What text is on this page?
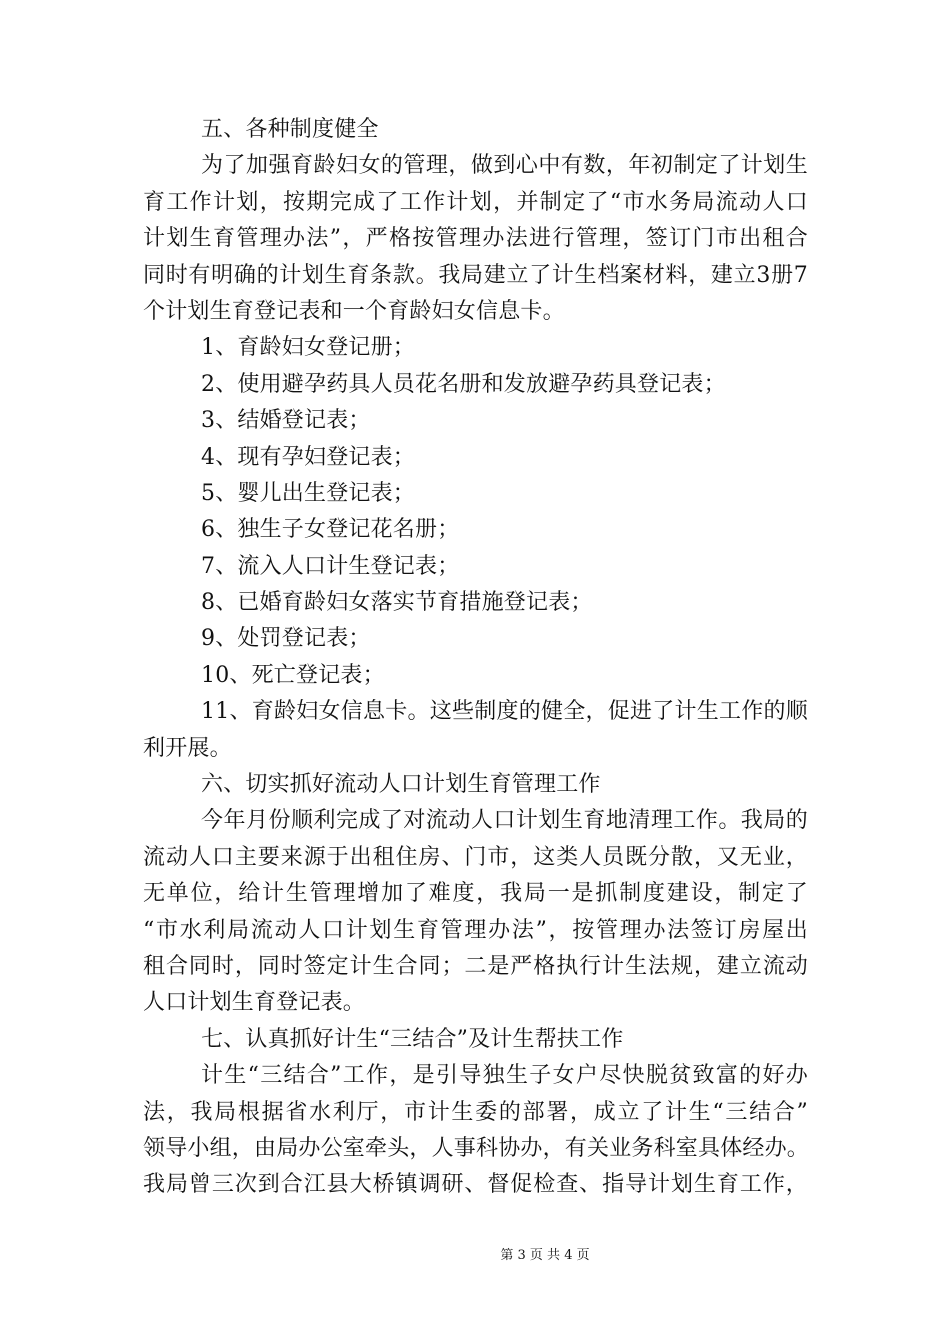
五、各种制度健全
为了加强育龄妇女的管理，做到心中有数，年初制定了计划生
育工作计划，按期完成了工作计划，并制定了“市水务局流动人口
计划生育管理办法”，严格按管理办法进行管理，签订门市出租合
同时有明确的计划生育条款。我局建立了计生档案材料，建立3册7
个计划生育登记表和一个育龄妇女信息卡。
1、育龄妇女登记册；
2、使用避孕药具人员花名册和发放避孕药具登记表；
3、结婚登记表；
4、现有孕妇登记表；
5、婴儿出生登记表；
6、独生子女登记花名册；
7、流入人口计生登记表；
8、已婚育龄妇女落实节育措施登记表；
9、处罚登记表；
10、死亡登记表；
11、育龄妇女信息卡。这些制度的健全，促进了计生工作的顺
利开展。
六、切实抓好流动人口计划生育管理工作
今年月份顺利完成了对流动人口计划生育地清理工作。我局的
流动人口主要来源于出租住房、门市，这类人员既分散，又无业，
无单位，给计生管理增加了难度，我局一是抓制度建设，制定了
“市水利局流动人口计划生育管理办法”，按管理办法签订房屋出
租合同时，同时签定计生合同；二是严格执行计生法规，建立流动
人口计划生育登记表。
七、认真抓好计生“三结合”及计生帮扶工作
计生“三结合”工作，是引导独生子女户尽快脱贫致富的好办
法，我局根据省水利厅，市计生委的部署，成立了计生“三结合”
领导小组，由局办公室牵头，人事科协办，有关业务科室具体经办。
我局曾三次到合江县大桥镇调研、督促检查、指导计划生育工作，
第 3 页 共 4 页
